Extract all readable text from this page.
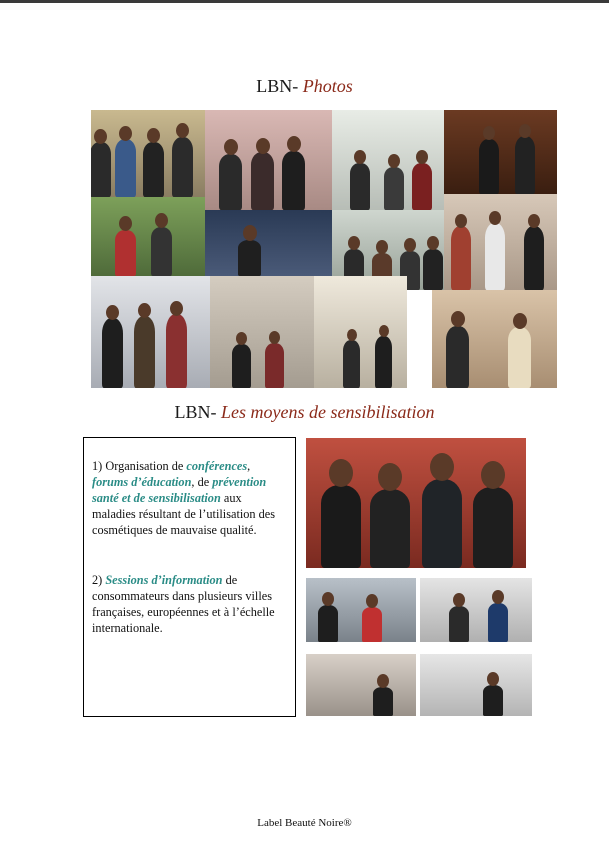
LBN- Photos
LBN- Les moyens de sensibilisation

1) Organisation de conférences, forums d’éducation, de prévention santé et de sensibilisation aux maladies résultant de l’utilisation des cosmétiques de mauvaise qualité.

2) Sessions d’information de consommateurs dans plusieurs villes françaises, européennes et à l’échelle internationale.

Label Beauté Noire®
